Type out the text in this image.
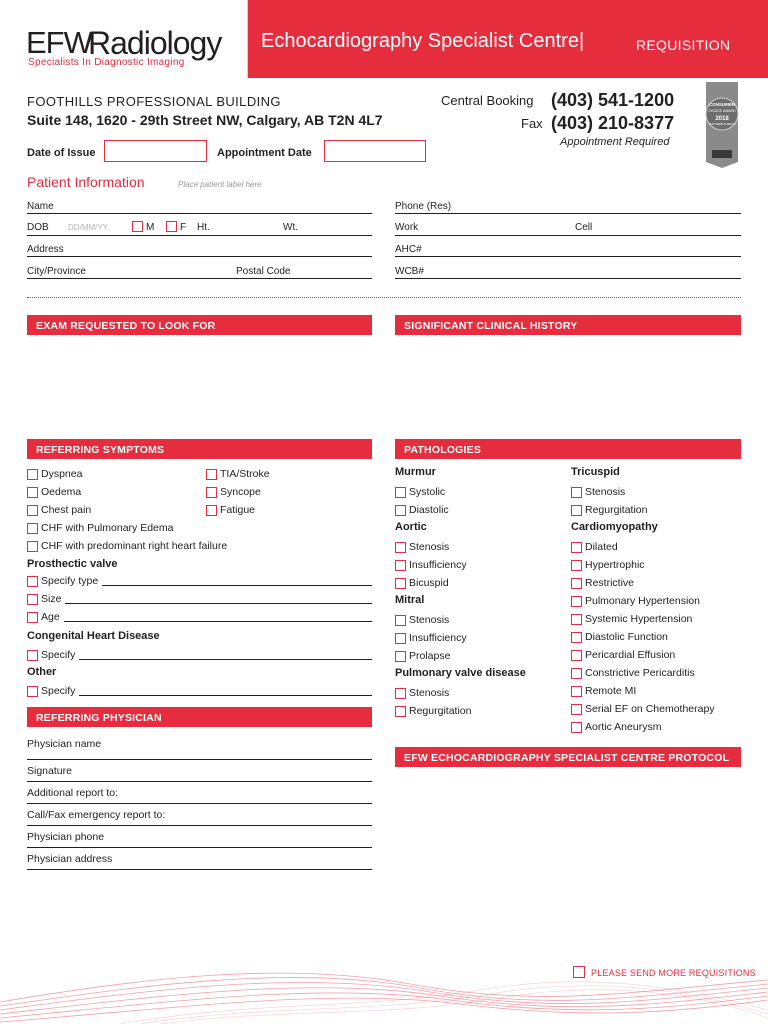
EFW
Radiology
Specialists In Diagnostic Imaging
Echocardiography Specialist Centre|	REQUISITION
CONSUMER
CHOICE AWARD
2018
SOUTHERN ALBERTA
FOOTHILLS PROFESSIONAL BUILDING
Suite 148, 1620 - 29th Street NW, Calgary, AB T2N 4L7
Central Booking (403) 541-1200
Fax (403) 210-8377
Appointment Required
Date of Issue	Appointment Date
Patient Information	Place patient label here
Name
DOB DD/MM/YY	M	F Ht.	Wt.
Address
City/Province	Postal Code
Phone (Res)
Work	Cell
AHC#
WCB#
EXAM REQUESTED TO LOOK FOR	SIGNIFICANT CLINICAL HISTORY
REFERRING SYMPTOMS
Dyspnea
Oedema
Chest pain
TIA/Stroke
Syncope
Fatigue
CHF with Pulmonary Edema
CHF with predominant right heart failure
Prosthectic valve
Specify type
Size
Age
Congenital Heart Disease
Specify
Other
Specify
REFERRING PHYSICIAN
Physician name
Signature
Additional report to:
Call/Fax emergency report to:
Physician phone
Physician address
PATHOLOGIES
Murmur
Systolic
Diastolic
Aortic
Stenosis
Insufficiency
Bicuspid
Mitral
Stenosis
Insufficiency
Prolapse
Pulmonary valve disease
Stenosis
Regurgitation
Tricuspid
Stenosis
Regurgitation
Cardiomyopathy
Dilated
Hypertrophic
Restrictive
Pulmonary Hypertension
Systemic Hypertension
Diastolic Function
Pericardial Effusion
Constrictive Pericarditis
Remote MI
Serial EF on Chemotherapy
Aortic Aneurysm
EFW ECHOCARDIOGRAPHY SPECIALIST CENTRE PROTOCOL
PLEASE SEND MORE REQUISITIONS
